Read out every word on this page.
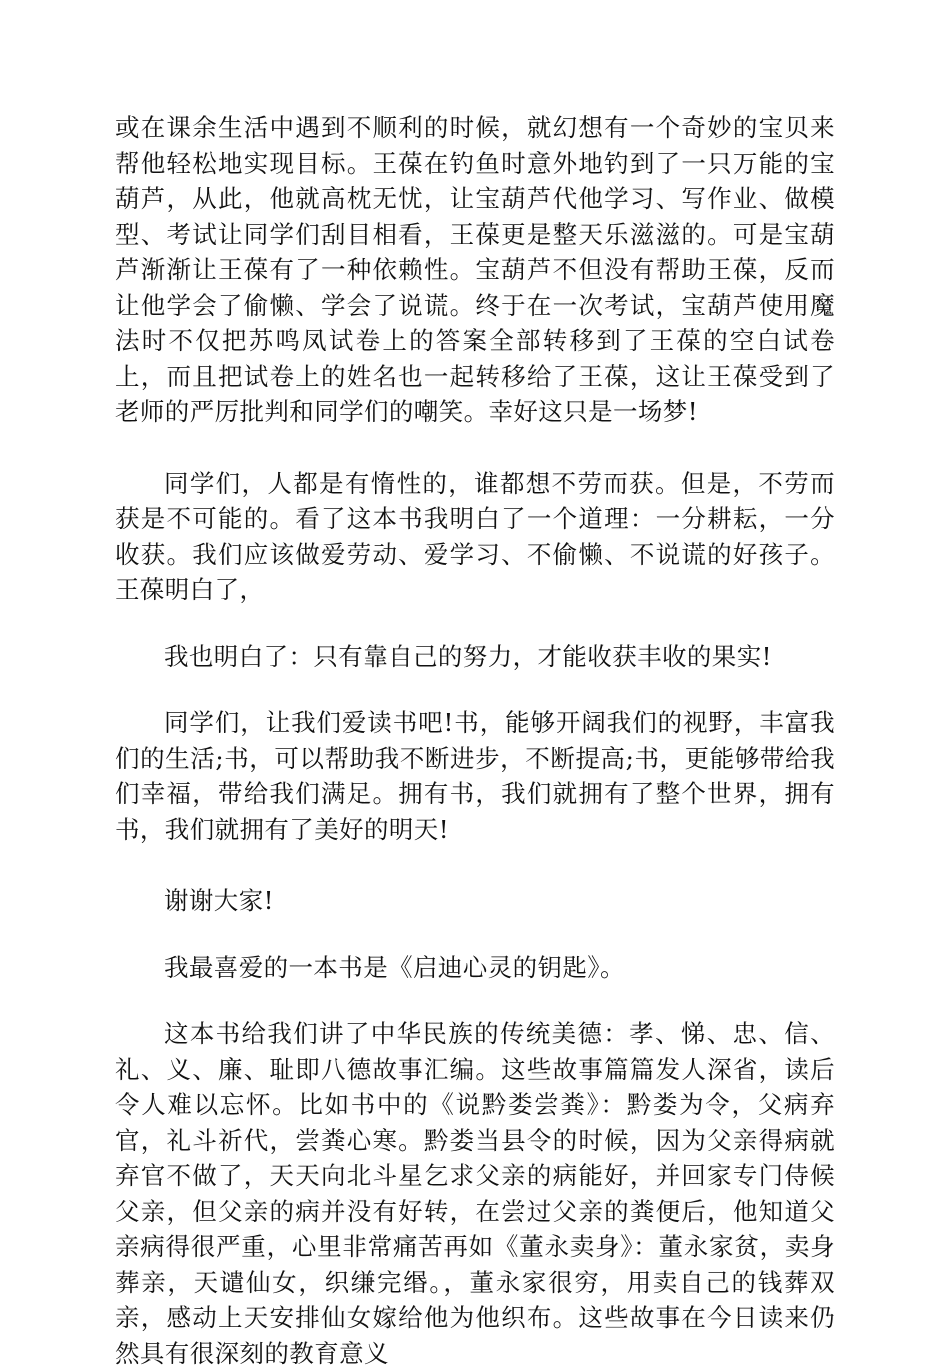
或在课余生活中遇到不顺利的时候，就幻想有一个奇妙的宝贝来帮他轻松地实现目标。王葆在钓鱼时意外地钓到了一只万能的宝葫芦，从此，他就高枕无忧，让宝葫芦代他学习、写作业、做模型、考试让同学们刮目相看，王葆更是整天乐滋滋的。可是宝葫芦渐渐让王葆有了一种依赖性。宝葫芦不但没有帮助王葆，反而让他学会了偷懒、学会了说谎。终于在一次考试，宝葫芦使用魔法时不仅把苏鸣凤试卷上的答案全部转移到了王葆的空白试卷上，而且把试卷上的姓名也一起转移给了王葆，这让王葆受到了老师的严厉批判和同学们的嘲笑。幸好这只是一场梦!

同学们，人都是有惰性的，谁都想不劳而获。但是，不劳而获是不可能的。看了这本书我明白了一个道理：一分耕耘，一分收获。我们应该做爱劳动、爱学习、不偷懒、不说谎的好孩子。王葆明白了，

我也明白了：只有靠自己的努力，才能收获丰收的果实!

同学们，让我们爱读书吧!书，能够开阔我们的视野，丰富我们的生活;书，可以帮助我不断进步，不断提高;书，更能够带给我们幸福，带给我们满足。拥有书，我们就拥有了整个世界，拥有书，我们就拥有了美好的明天!

谢谢大家!

我最喜爱的一本书是《启迪心灵的钥匙》。

这本书给我们讲了中华民族的传统美德：孝、悌、忠、信、礼、义、廉、耻即八德故事汇编。这些故事篇篇发人深省，读后令人难以忘怀。比如书中的《说黔娄尝粪》：黔娄为令，父病弃官，礼斗祈代，尝粪心寒。黔娄当县令的时候，因为父亲得病就弃官不做了，天天向北斗星乞求父亲的病能好，并回家专门侍候父亲，但父亲的病并没有好转，在尝过父亲的粪便后，他知道父亲病得很严重，心里非常痛苦再如《董永卖身》：董永家贫，卖身葬亲，天谴仙女，织缣完缗。，董永家很穷，用卖自己的钱葬双亲，感动上天安排仙女嫁给他为他织布。这些故事在今日读来仍然具有很深刻的教育意义
